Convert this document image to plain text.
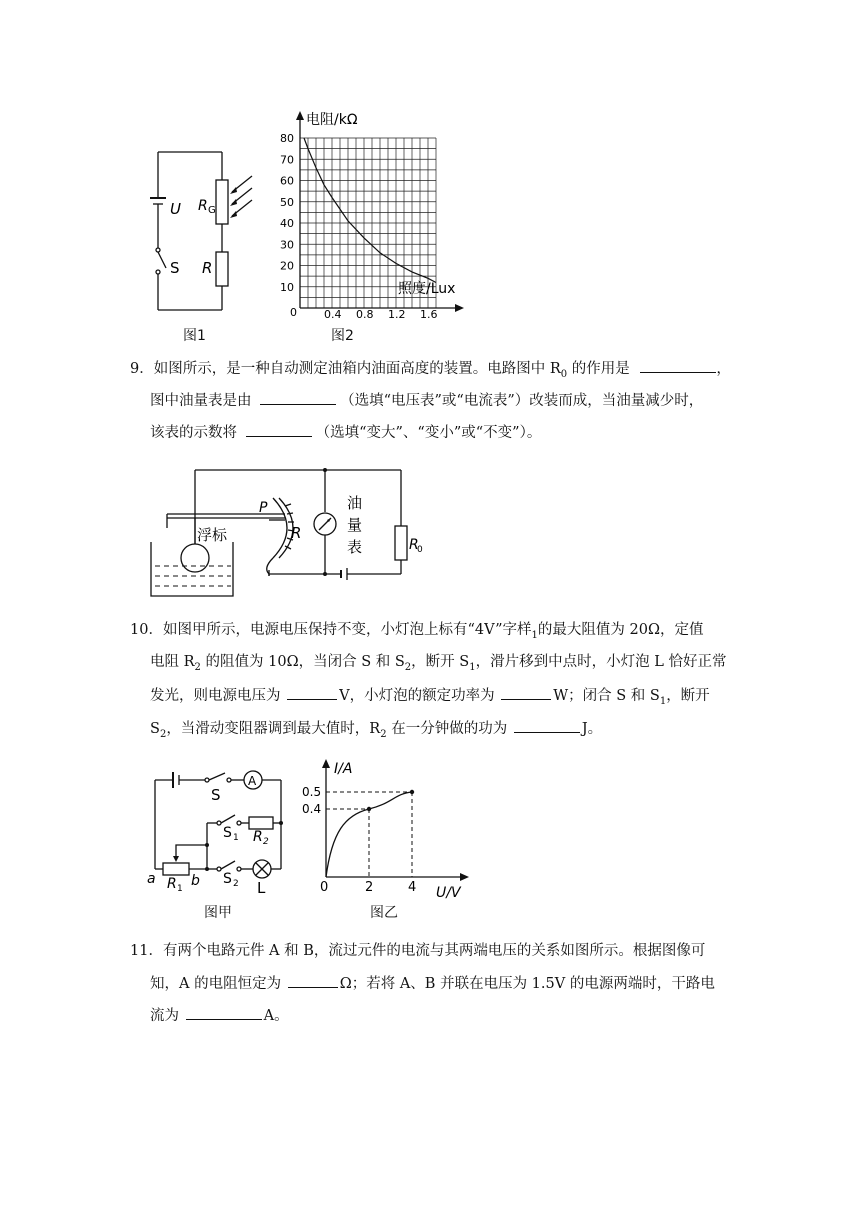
U R G
S R
图1
电阻/kΩ
照度/Lux
0
10
20
30
40
50
60
70
80
0.4 0.8 1.2 1.6
图2
9．如图所示，是一种自动测定油箱内油面高度的装置。电路图中 $R_0$ 的作用是	，
图中油量表是由	（选填“电压表”或“电流表”）改装而成，当油量减少时，
该表的示数将	（选填“变大”、“变小”或“不变”）。
浮标
P
R
油
量
表	R
0
10．如图甲所示，电源电压保持不变，小灯泡上标有“4V”字样$_1$的最大阻值为 20Ω，定值
电阻 $R_2$ 的阻值为 10Ω，当闭合 S 和 $S_2$，断开 $S_1$，滑片移到中点时，小灯泡 L 恰好正常
发光，则电源电压为	V，小灯泡的额定功率为	W；闭合 S 和 $S_1$，断开
$S_2$，当滑动变阻器调到最大值时，$R_2$ 在一分钟做的功为	J。
A
S
S 1 R 2
a R 1 b S 2 L
图甲
I/A
U/V
0
0.5
0.4
2	4
图乙
11．有两个电路元件 A 和 B，流过元件的电流与其两端电压的关系如图所示。根据图像可
知，A 的电阻恒定为	Ω；若将 A、B 并联在电压为 1.5V 的电源两端时，干路电
流为	A。
